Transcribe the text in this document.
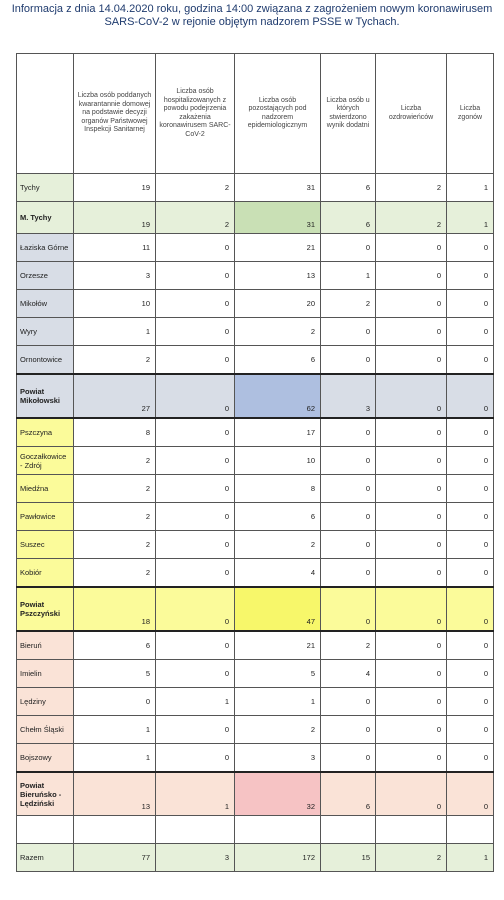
Informacja z dnia 14.04.2020 roku, godzina 14:00 związana z zagrożeniem nowym koronawirusem
SARS-CoV-2 w rejonie objętym nadzorem PSSE w Tychach.
	Liczba osób poddanych kwarantannie domowej na podstawie decyzji organów Państwowej Inspekcji Sanitarnej	Liczba osób hospitalizowanych z powodu podejrzenia zakażenia koronawirusem SARC-CoV-2	Liczba osób pozostających pod nadzorem epidemiologicznym	Liczba osób u których stwierdzono wynik dodatni	Liczba ozdrowieńców	Liczba zgonów
Tychy	19	2	31	6	2	1
M. Tychy	19	2	31	6	2	1
Łaziska Górne	11	0	21	0	0	0
Orzesze	3	0	13	1	0	0
Mikołów	10	0	20	2	0	0
Wyry	1	0	2	0	0	0
Ornontowice	2	0	6	0	0	0
Powiat Mikołowski	27	0	62	3	0	0
Pszczyna	8	0	17	0	0	0
Goczałkowice - Zdrój	2	0	10	0	0	0
Miedźna	2	0	8	0	0	0
Pawłowice	2	0	6	0	0	0
Suszec	2	0	2	0	0	0
Kobiór	2	0	4	0	0	0
Powiat Pszczyński	18	0	47	0	0	0
Bieruń	6	0	21	2	0	0
Imielin	5	0	5	4	0	0
Lędziny	0	1	1	0	0	0
Chełm Śląski	1	0	2	0	0	0
Bojszowy	1	0	3	0	0	0
Powiat Bieruńsko - Lędziński	13	1	32	6	0	0

Razem	77	3	172	15	2	1
